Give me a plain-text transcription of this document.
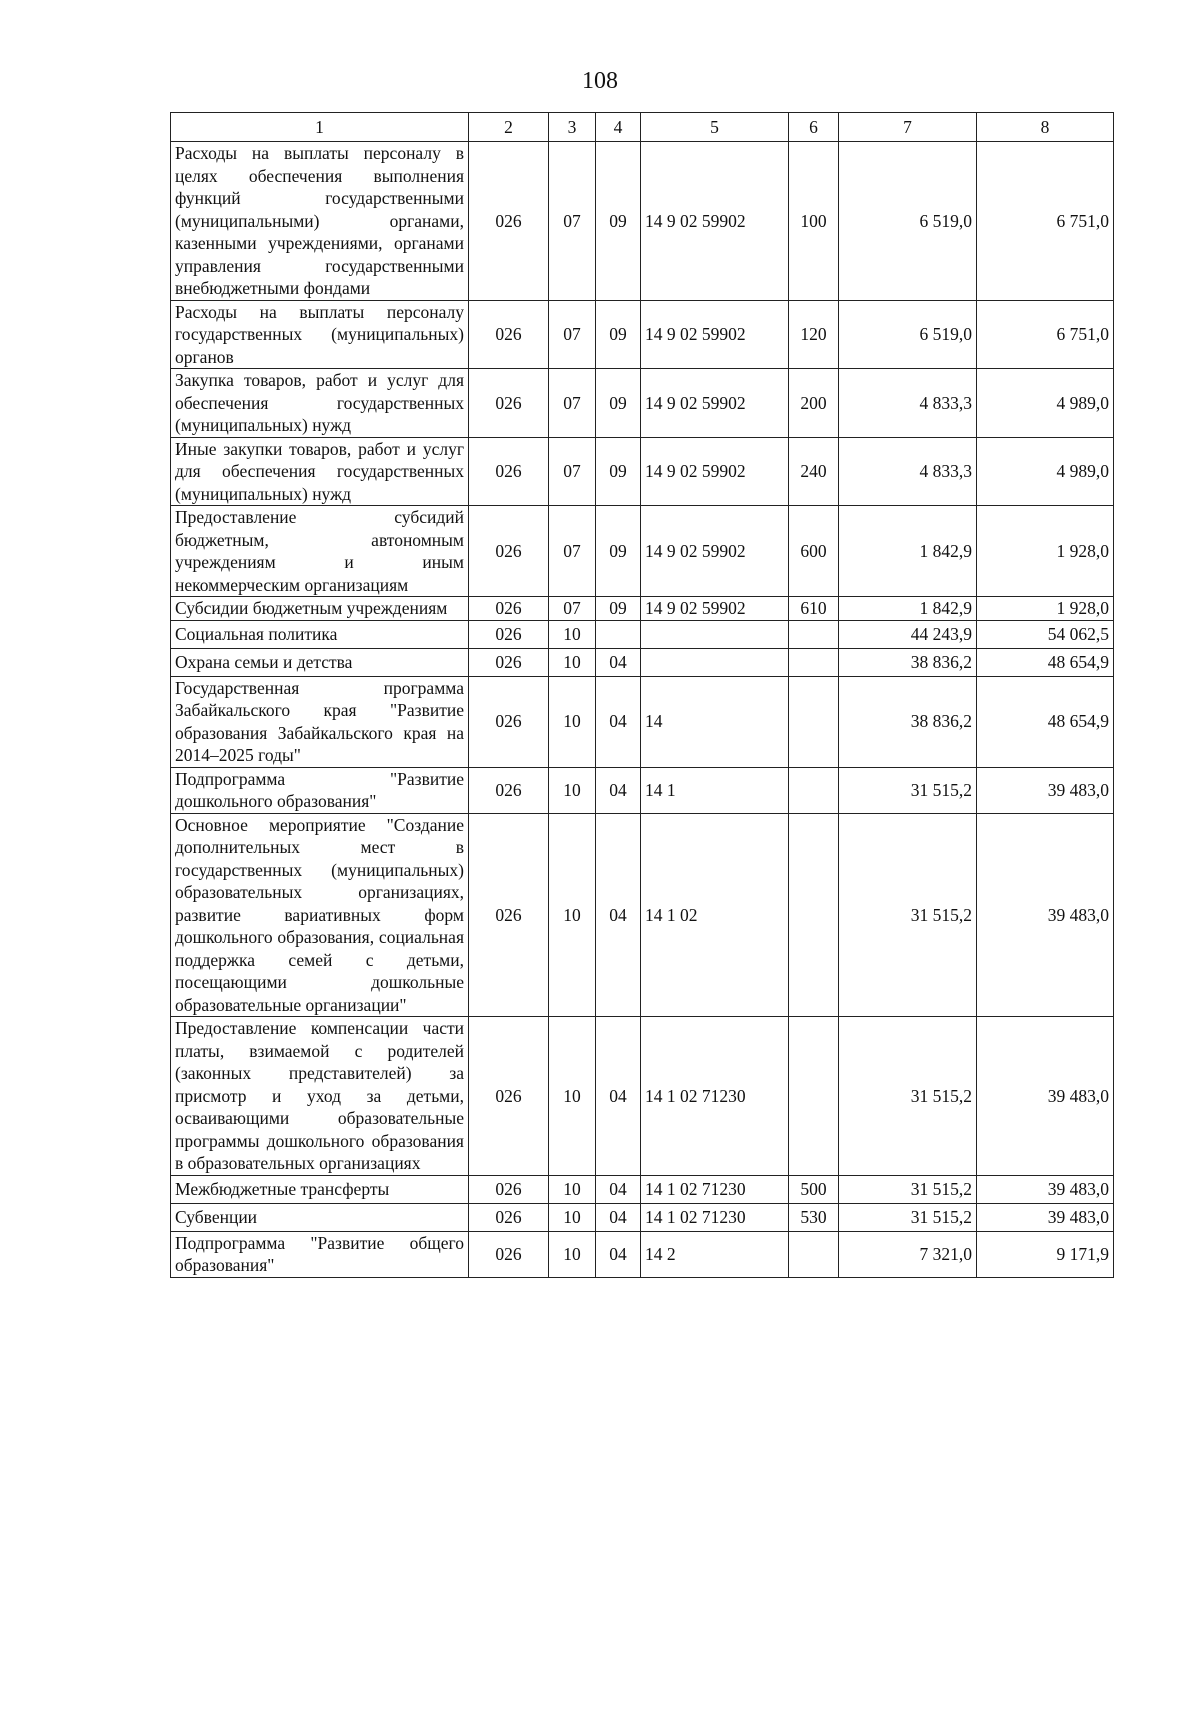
108
1	2	3	4	5	6	7	8
Расходы на выплаты персоналу в целях обеспечения выполнения функций государственными (муниципальными) органами, казенными учреждениями, органами управления государственными внебюджетными фондами	026	07	09	14 9 02 59902	100	6 519,0	6 751,0
Расходы на выплаты персоналу государственных (муниципальных) органов	026	07	09	14 9 02 59902	120	6 519,0	6 751,0
Закупка товаров, работ и услуг для обеспечения государственных (муниципальных) нужд	026	07	09	14 9 02 59902	200	4 833,3	4 989,0
Иные закупки товаров, работ и услуг для обеспечения государственных (муниципальных) нужд	026	07	09	14 9 02 59902	240	4 833,3	4 989,0
Предоставление субсидий бюджетным, автономным учреждениям и иным некоммерческим организациям	026	07	09	14 9 02 59902	600	1 842,9	1 928,0
Субсидии бюджетным учреждениям	026	07	09	14 9 02 59902	610	1 842,9	1 928,0
Социальная политика	026	10				44 243,9	54 062,5
Охрана семьи и детства	026	10	04			38 836,2	48 654,9
Государственная программа Забайкальского края "Развитие образования Забайкальского края на 2014–2025 годы"	026	10	04	14		38 836,2	48 654,9
Подпрограмма "Развитие дошкольного образования"	026	10	04	14 1		31 515,2	39 483,0
Основное мероприятие "Создание дополнительных мест в государственных (муниципальных) образовательных организациях, развитие вариативных форм дошкольного образования, социальная поддержка семей с детьми, посещающими дошкольные образовательные организации"	026	10	04	14 1 02		31 515,2	39 483,0
Предоставление компенсации части платы, взимаемой с родителей (законных представителей) за присмотр и уход за детьми, осваивающими образовательные программы дошкольного образования в образовательных организациях	026	10	04	14 1 02 71230		31 515,2	39 483,0
Межбюджетные трансферты	026	10	04	14 1 02 71230	500	31 515,2	39 483,0
Субвенции	026	10	04	14 1 02 71230	530	31 515,2	39 483,0
Подпрограмма "Развитие общего образования"	026	10	04	14 2		7 321,0	9 171,9
